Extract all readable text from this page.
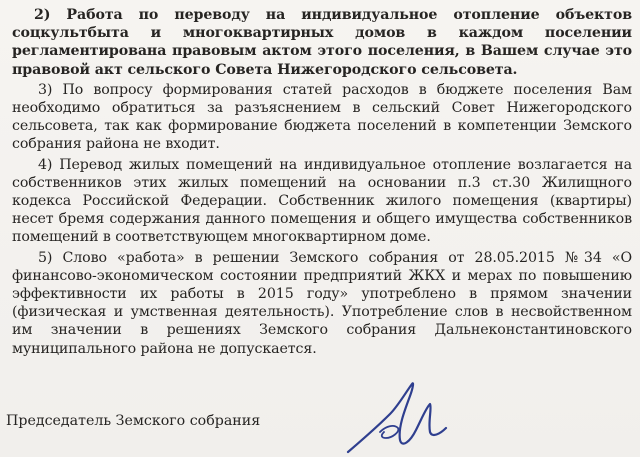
2) Работа по переводу на индивидуальное отопление объектов соцкультбыта и многоквартирных домов в каждом поселении регламентирована правовым актом этого поселения, в Вашем случае это правовой акт сельского Совета Нижегородского сельсовета.

3) По вопросу формирования статей расходов в бюджете поселения Вам необходимо обратиться за разъяснением в сельский Совет Нижегородского сельсовета, так как формирование бюджета поселений в компетенции Земского собрания района не входит.

4) Перевод жилых помещений на индивидуальное отопление возлагается на собственников этих жилых помещений на основании п.3 ст.30 Жилищного кодекса Российской Федерации. Собственник жилого помещения (квартиры) несет бремя содержания данного помещения и общего имущества собственников помещений в соответствующем многоквартирном доме.

5) Слово «работа» в решении Земского собрания от 28.05.2015 №34 «О финансово-экономическом состоянии предприятий ЖКХ и мерах по повышению эффективности их работы в 2015 году» употреблено в прямом значении (физическая и умственная деятельность). Употребление слов в несвойственном им значении в решениях Земского собрания Дальнеконстантиновского муниципального района не допускается.

Председатель Земского собрания
